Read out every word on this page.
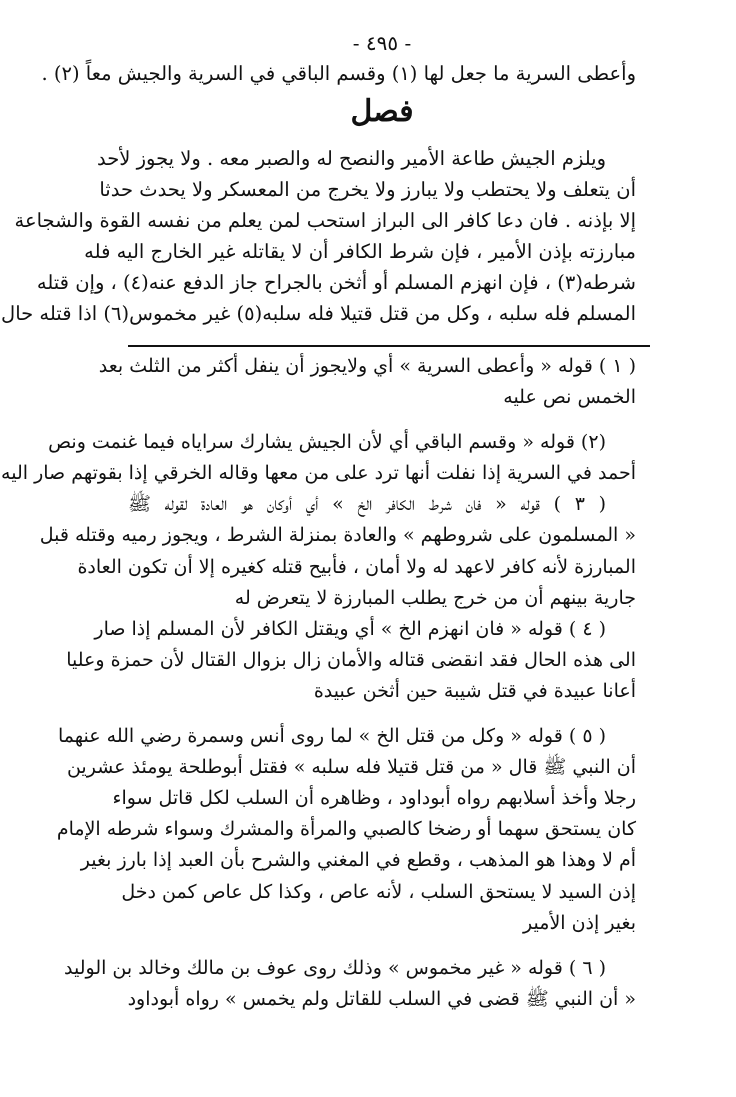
- ٤٩٥ -
وأعطى السرية ما جعل لها (١) وقسم الباقي في السرية والجيش معاً (٢) .
فصل
ويلزم الجيش طاعة الأمير والنصح له والصبر معه . ولا يجوز لأحد
أن يتعلف ولا يحتطب ولا يبارز ولا يخرج من المعسكر ولا يحدث حدثا
إلا بإذنه . فان دعا كافر الى البراز استحب لمن يعلم من نفسه القوة والشجاعة
مبارزته بإذن الأمير ، فإن شرط الكافر أن لا يقاتله غير الخارج اليه فله
شرطه(٣) ، فإن انهزم المسلم أو أثخن بالجراح جاز الدفع عنه(٤) ، وإن قتله
المسلم فله سلبه ، وكل من قتل قتيلا فله سلبه(٥) غير مخموس(٦) اذا قتله حال
( ١ ) قوله « وأعطى السرية » أي ولايجوز أن ينفل أكثر من الثلث بعد
الخمس نص عليه
(٢) قوله « وقسم الباقي أي لأن الجيش يشارك سراياه فيما غنمت ونص
أحمد في السرية إذا نفلت أنها ترد على من معها وقاله الخرقي إذا بقوتهم صار اليه
( ٣ ) قوله « فان شرط الكافر الخ » أي أوكان هو العادة لقوله ﷺ
« المسلمون على شروطهم » والعادة بمنزلة الشرط ، ويجوز رميه وقتله قبل
المبارزة لأنه كافر لاعهد له ولا أمان ، فأبيح قتله كغيره إلا أن تكون العادة
جارية بينهم أن من خرج يطلب المبارزة لا يتعرض له
( ٤ ) قوله « فان انهزم الخ » أي ويقتل الكافر لأن المسلم إذا صار
الى هذه الحال فقد انقضى قتاله والأمان زال بزوال القتال لأن حمزة وعليا
أعانا عبيدة في قتل شيبة حين أثخن عبيدة
( ٥ ) قوله « وكل من قتل الخ » لما روى أنس وسمرة رضي الله عنهما
أن النبي ﷺ قال « من قتل قتيلا فله سلبه » فقتل أبوطلحة يومئذ عشرين
رجلا وأخذ أسلابهم رواه أبوداود ، وظاهره أن السلب لكل قاتل سواء
كان يستحق سهما أو رضخا كالصبي والمرأة والمشرك وسواء شرطه الإمام
أم لا وهذا هو المذهب ، وقطع في المغني والشرح بأن العبد إذا بارز بغير
إذن السيد لا يستحق السلب ، لأنه عاص ، وكذا كل عاص كمن دخل
بغير إذن الأمير
( ٦ ) قوله « غير مخموس » وذلك روى عوف بن مالك وخالد بن الوليد
« أن النبي ﷺ قضى في السلب للقاتل ولم يخمس » رواه أبوداود
